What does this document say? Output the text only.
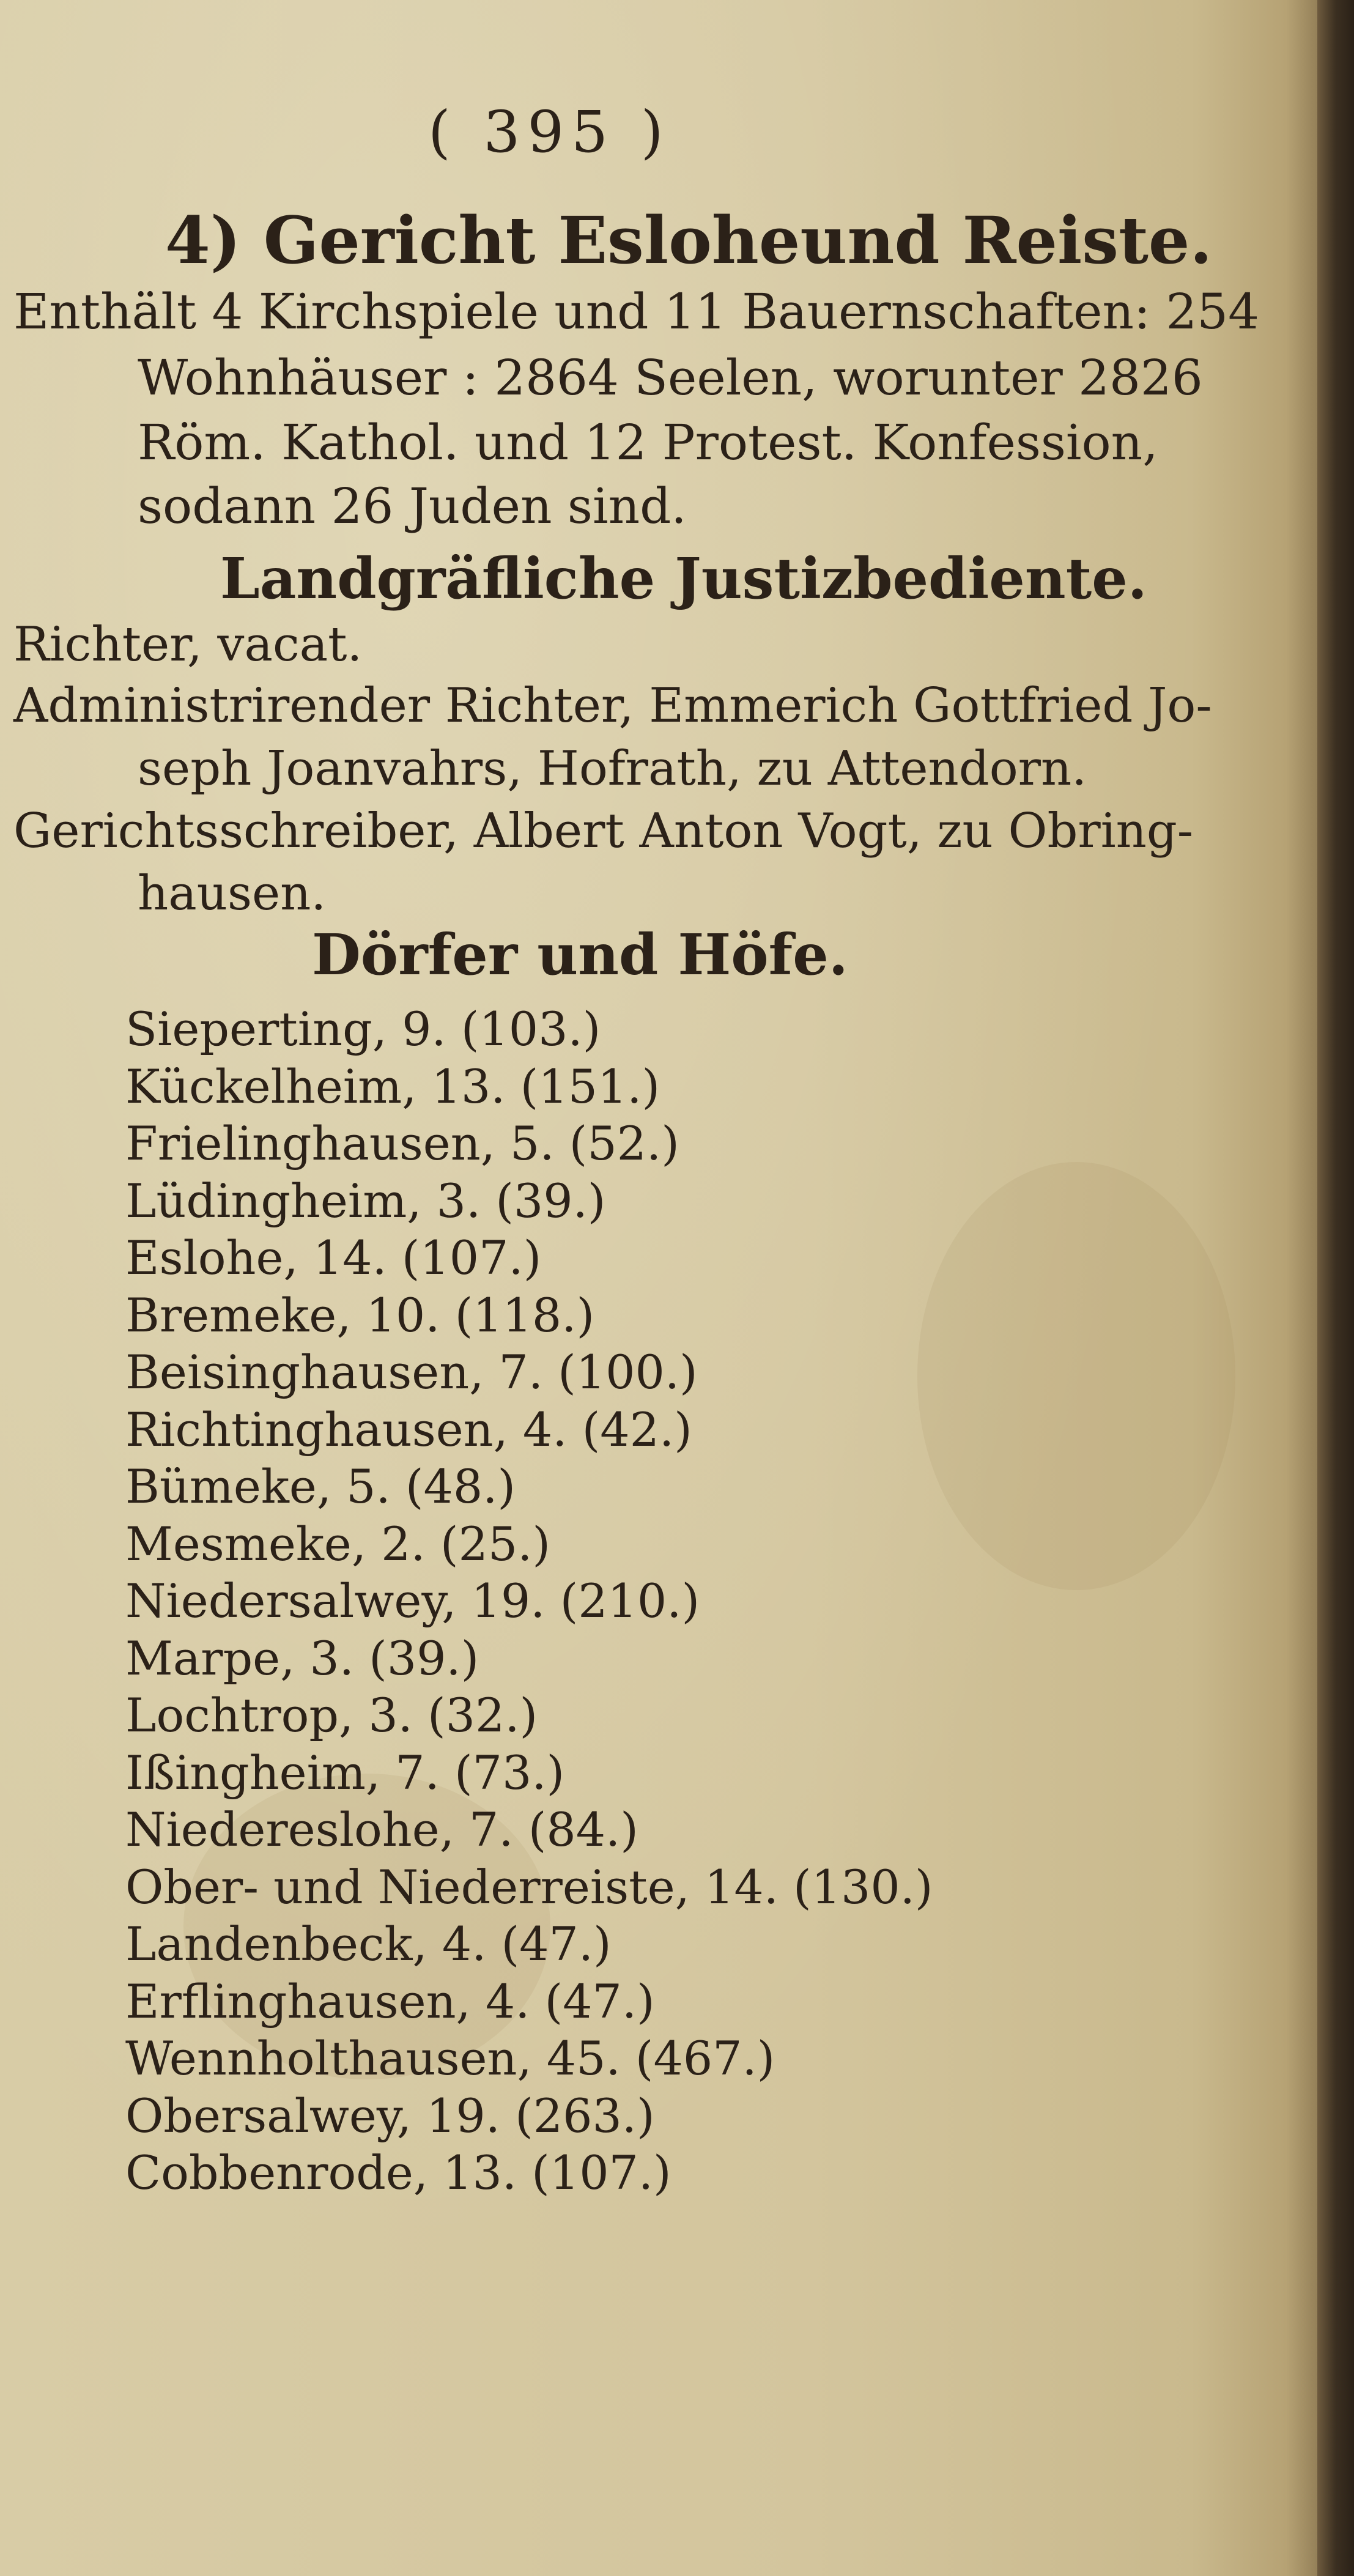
( 395 )
4) Gericht Esloheund Reiste.
Enthält 4 Kirchspiele und 11 Bauernschaften: 254
Wohnhäuser : 2864 Seelen, worunter 2826
Röm. Kathol. und 12 Protest. Konfession,
sodann 26 Juden sind.
Landgräfliche Justizbediente.
Richter, vacat.
Administrirender Richter, Emmerich Gottfried Jo-
seph Joanvahrs, Hofrath, zu Attendorn.
Gerichtsschreiber, Albert Anton Vogt, zu Obring-
hausen.
Dörfer und Höfe.
Sieperting, 9. (103.)
Kückelheim, 13. (151.)
Frielinghausen, 5. (52.)
Lüdingheim, 3. (39.)
Eslohe, 14. (107.)
Bremeke, 10. (118.)
Beisinghausen, 7. (100.)
Richtinghausen, 4. (42.)
Bümeke, 5. (48.)
Mesmeke, 2. (25.)
Niedersalwey, 19. (210.)
Marpe, 3. (39.)
Lochtrop, 3. (32.)
Ißingheim, 7. (73.)
Niedereslohe, 7. (84.)
Ober- und Niederreiste, 14. (130.)
Landenbeck, 4. (47.)
Erflinghausen, 4. (47.)
Wennholthausen, 45. (467.)
Obersalwey, 19. (263.)
Cobbenrode, 13. (107.)
